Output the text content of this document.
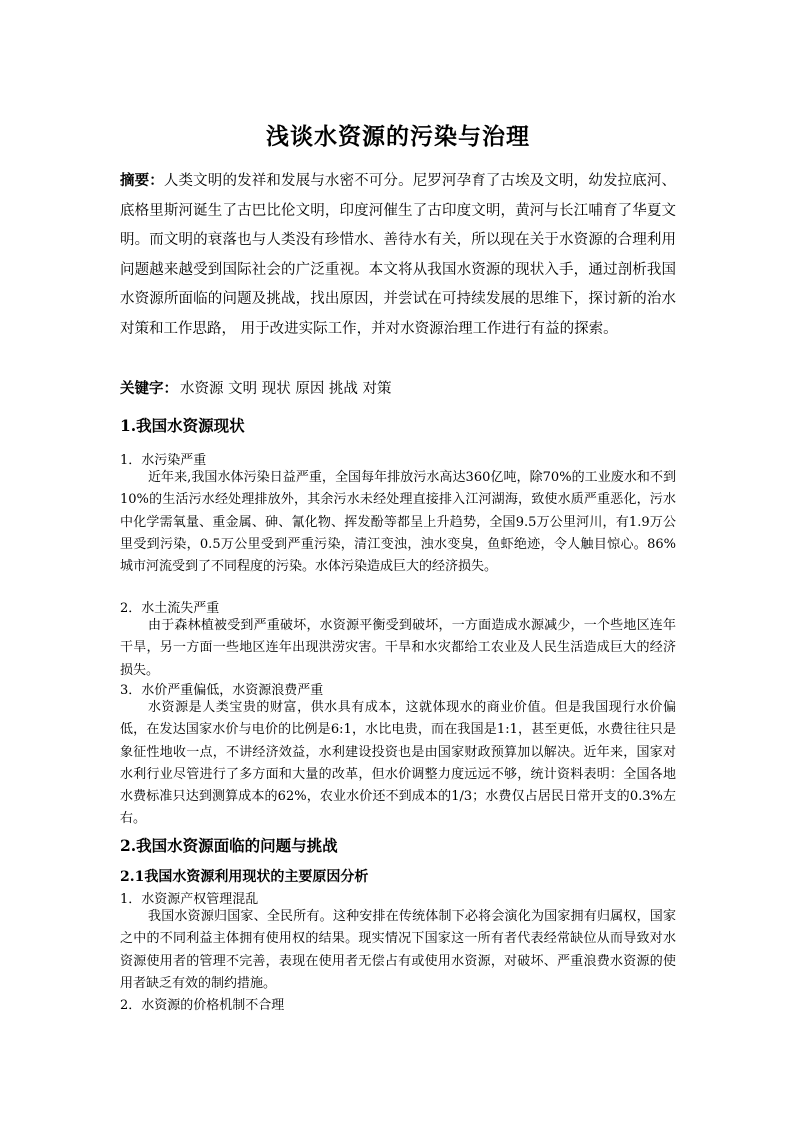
浅谈水资源的污染与治理
摘要：人类文明的发祥和发展与水密不可分。尼罗河孕育了古埃及文明，幼发拉底河、底格里斯河诞生了古巴比伦文明，印度河催生了古印度文明，黄河与长江哺育了华夏文明。而文明的衰落也与人类没有珍惜水、善待水有关，所以现在关于水资源的合理利用问题越来越受到国际社会的广泛重视。本文将从我国水资源的现状入手，通过剖析我国水资源所面临的问题及挑战，找出原因，并尝试在可持续发展的思维下，探讨新的治水对策和工作思路， 用于改进实际工作，并对水资源治理工作进行有益的探索。
关键字： 水资源 文明 现状 原因 挑战 对策
1.我国水资源现状
1．水污染严重
近年来,我国水体污染日益严重，全国每年排放污水高达360亿吨，除70%的工业废水和不到10%的生活污水经处理排放外，其余污水未经处理直接排入江河湖海，致使水质严重恶化，污水中化学需氧量、重金属、砷、氰化物、挥发酚等都呈上升趋势，全国9.5万公里河川，有1.9万公里受到污染，0.5万公里受到严重污染，清江变浊，浊水变臭，鱼虾绝迹，令人触目惊心。86%城市河流受到了不同程度的污染。水体污染造成巨大的经济损失。
2．水土流失严重
由于森林植被受到严重破坏，水资源平衡受到破坏，一方面造成水源减少，一个些地区连年干旱，另一方面一些地区连年出现洪涝灾害。干旱和水灾都给工农业及人民生活造成巨大的经济损失。
3．水价严重偏低，水资源浪费严重
水资源是人类宝贵的财富，供水具有成本，这就体现水的商业价值。但是我国现行水价偏低，在发达国家水价与电价的比例是6:1，水比电贵，而在我国是1:1，甚至更低，水费往往只是象征性地收一点，不讲经济效益，水利建设投资也是由国家财政预算加以解决。近年来，国家对水利行业尽管进行了多方面和大量的改革，但水价调整力度远远不够，统计资料表明：全国各地水费标准只达到测算成本的62%，农业水价还不到成本的1/3；水费仅占居民日常开支的0.3%左右。
2.我国水资源面临的问题与挑战
2.1我国水资源利用现状的主要原因分析
1．水资源产权管理混乱
我国水资源归国家、全民所有。这种安排在传统体制下必将会演化为国家拥有归属权，国家之中的不同利益主体拥有使用权的结果。现实情况下国家这一所有者代表经常缺位从而导致对水资源使用者的管理不完善，表现在使用者无偿占有或使用水资源，对破坏、严重浪费水资源的使用者缺乏有效的制约措施。
2．水资源的价格机制不合理
